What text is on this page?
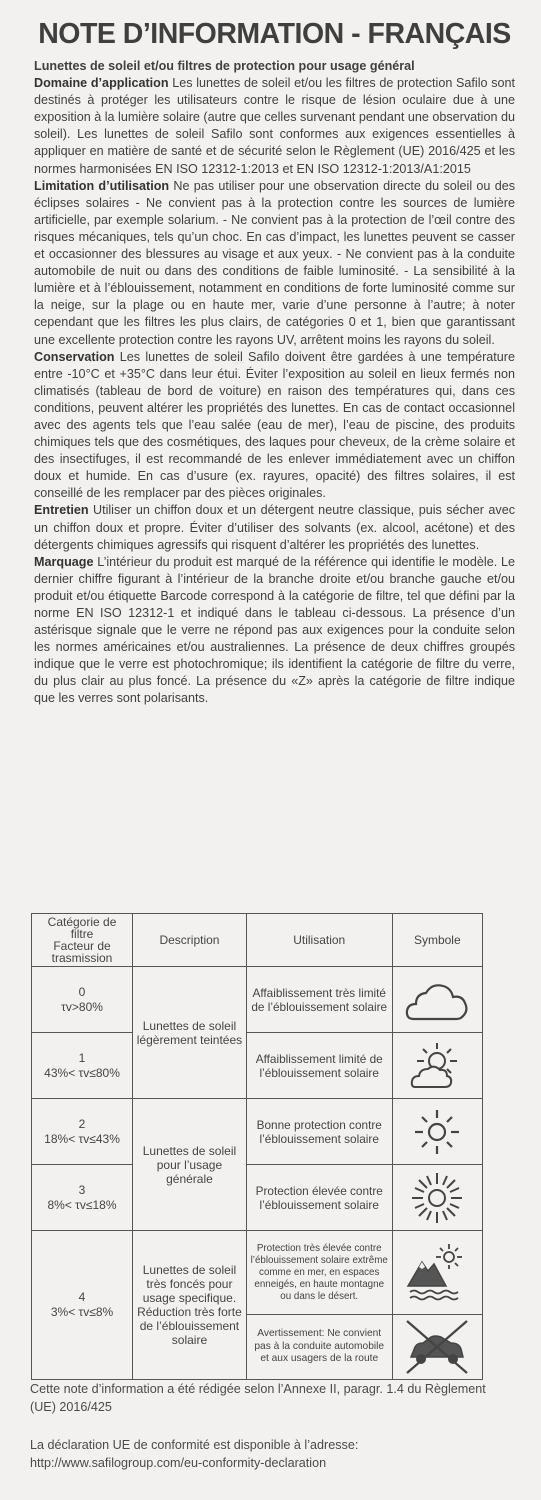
NOTE D’INFORMATION - FRANÇAIS

Lunettes de soleil et/ou filtres de protection pour usage général

Domaine d’application Les lunettes de soleil et/ou les filtres de protection Safilo sont destinés à protéger les utilisateurs contre le risque de lésion oculaire due à une exposition à la lumière solaire (autre que celles survenant pendant une observation du soleil). Les lunettes de soleil Safilo sont conformes aux exigences essentielles à appliquer en matière de santé et de sécurité selon le Règlement (UE) 2016/425 et les normes harmonisées EN ISO 12312-1:2013 et EN ISO 12312-1:2013/A1:2015

Limitation d’utilisation Ne pas utiliser pour une observation directe du soleil ou des éclipses solaires - Ne convient pas à la protection contre les sources de lumière artificielle, par exemple solarium. - Ne convient pas à la protection de l’œil contre des risques mécaniques, tels qu’un choc. En cas d’impact, les lunettes peuvent se casser et occasionner des blessures au visage et aux yeux. - Ne convient pas à la conduite automobile de nuit ou dans des conditions de faible luminosité. - La sensibilité à la lumière et à l’éblouissement, notamment en conditions de forte luminosité comme sur la neige, sur la plage ou en haute mer, varie d’une personne à l’autre; à noter cependant que les filtres les plus clairs, de catégories 0 et 1, bien que garantissant une excellente protection contre les rayons UV, arrêtent moins les rayons du soleil.

Conservation Les lunettes de soleil Safilo doivent être gardées à une température entre -10°C et +35°C dans leur étui. Éviter l’exposition au soleil en lieux fermés non climatisés (tableau de bord de voiture) en raison des températures qui, dans ces conditions, peuvent altérer les propriétés des lunettes. En cas de contact occasionnel avec des agents tels que l’eau salée (eau de mer), l’eau de piscine, des produits chimiques tels que des cosmétiques, des laques pour cheveux, de la crème solaire et des insectifuges, il est recommandé de les enlever immédiatement avec un chiffon doux et humide. En cas d’usure (ex. rayures, opacité) des filtres solaires, il est conseillé de les remplacer par des pièces originales.

Entretien Utiliser un chiffon doux et un détergent neutre classique, puis sécher avec un chiffon doux et propre. Éviter d’utiliser des solvants (ex. alcool, acétone) et des détergents chimiques agressifs qui risquent d’altérer les propriétés des lunettes.

Marquage L’intérieur du produit est marqué de la référence qui identifie le modèle. Le dernier chiffre figurant à l’intérieur de la branche droite et/ou branche gauche et/ou produit et/ou étiquette Barcode correspond à la catégorie de filtre, tel que défini par la norme EN ISO 12312-1 et indiqué dans le tableau ci-dessous. La présence d’un astérisque signale que le verre ne répond pas aux exigences pour la conduite selon les normes américaines et/ou australiennes. La présence de deux chiffres groupés indique que le verre est photochromique; ils identifient la catégorie de filtre du verre, du plus clair au plus foncé. La présence du «Z» après la catégorie de filtre indique que les verres sont polarisants.

Catégorie de filtre
Facteur de trasmission	Description	Utilisation	Symbole
0
τv>80%	Lunettes de soleil légèrement teintées	Affaiblissement très limité de l’éblouissement solaire	

1
43%< τv≤80%		Affaiblissement limité de l’éblouissement solaire	

2
18%< τv≤43%	Lunettes de soleil pour l’usage générale	Bonne protection contre l’éblouissement solaire	

3
8%< τv≤18%		Protection élevée contre l’éblouissement solaire	

4
3%< τv≤8%	Lunettes de soleil très foncés pour usage specifique. Réduction très forte de l’éblouissement solaire	Protection très élevée contre l’éblouissement solaire extrême comme en mer, en espaces enneigés, en haute montagne ou dans le désert.	

		Avertissement: Ne convient pas à la conduite automobile et aux usagers de la route	
Cette note d’information a été rédigée selon l’Annexe II, paragr. 1.4 du Règlement (UE) 2016/425
La déclaration UE de conformité est disponible à l’adresse:
http://www.safilogroup.com/eu-conformity-declaration
